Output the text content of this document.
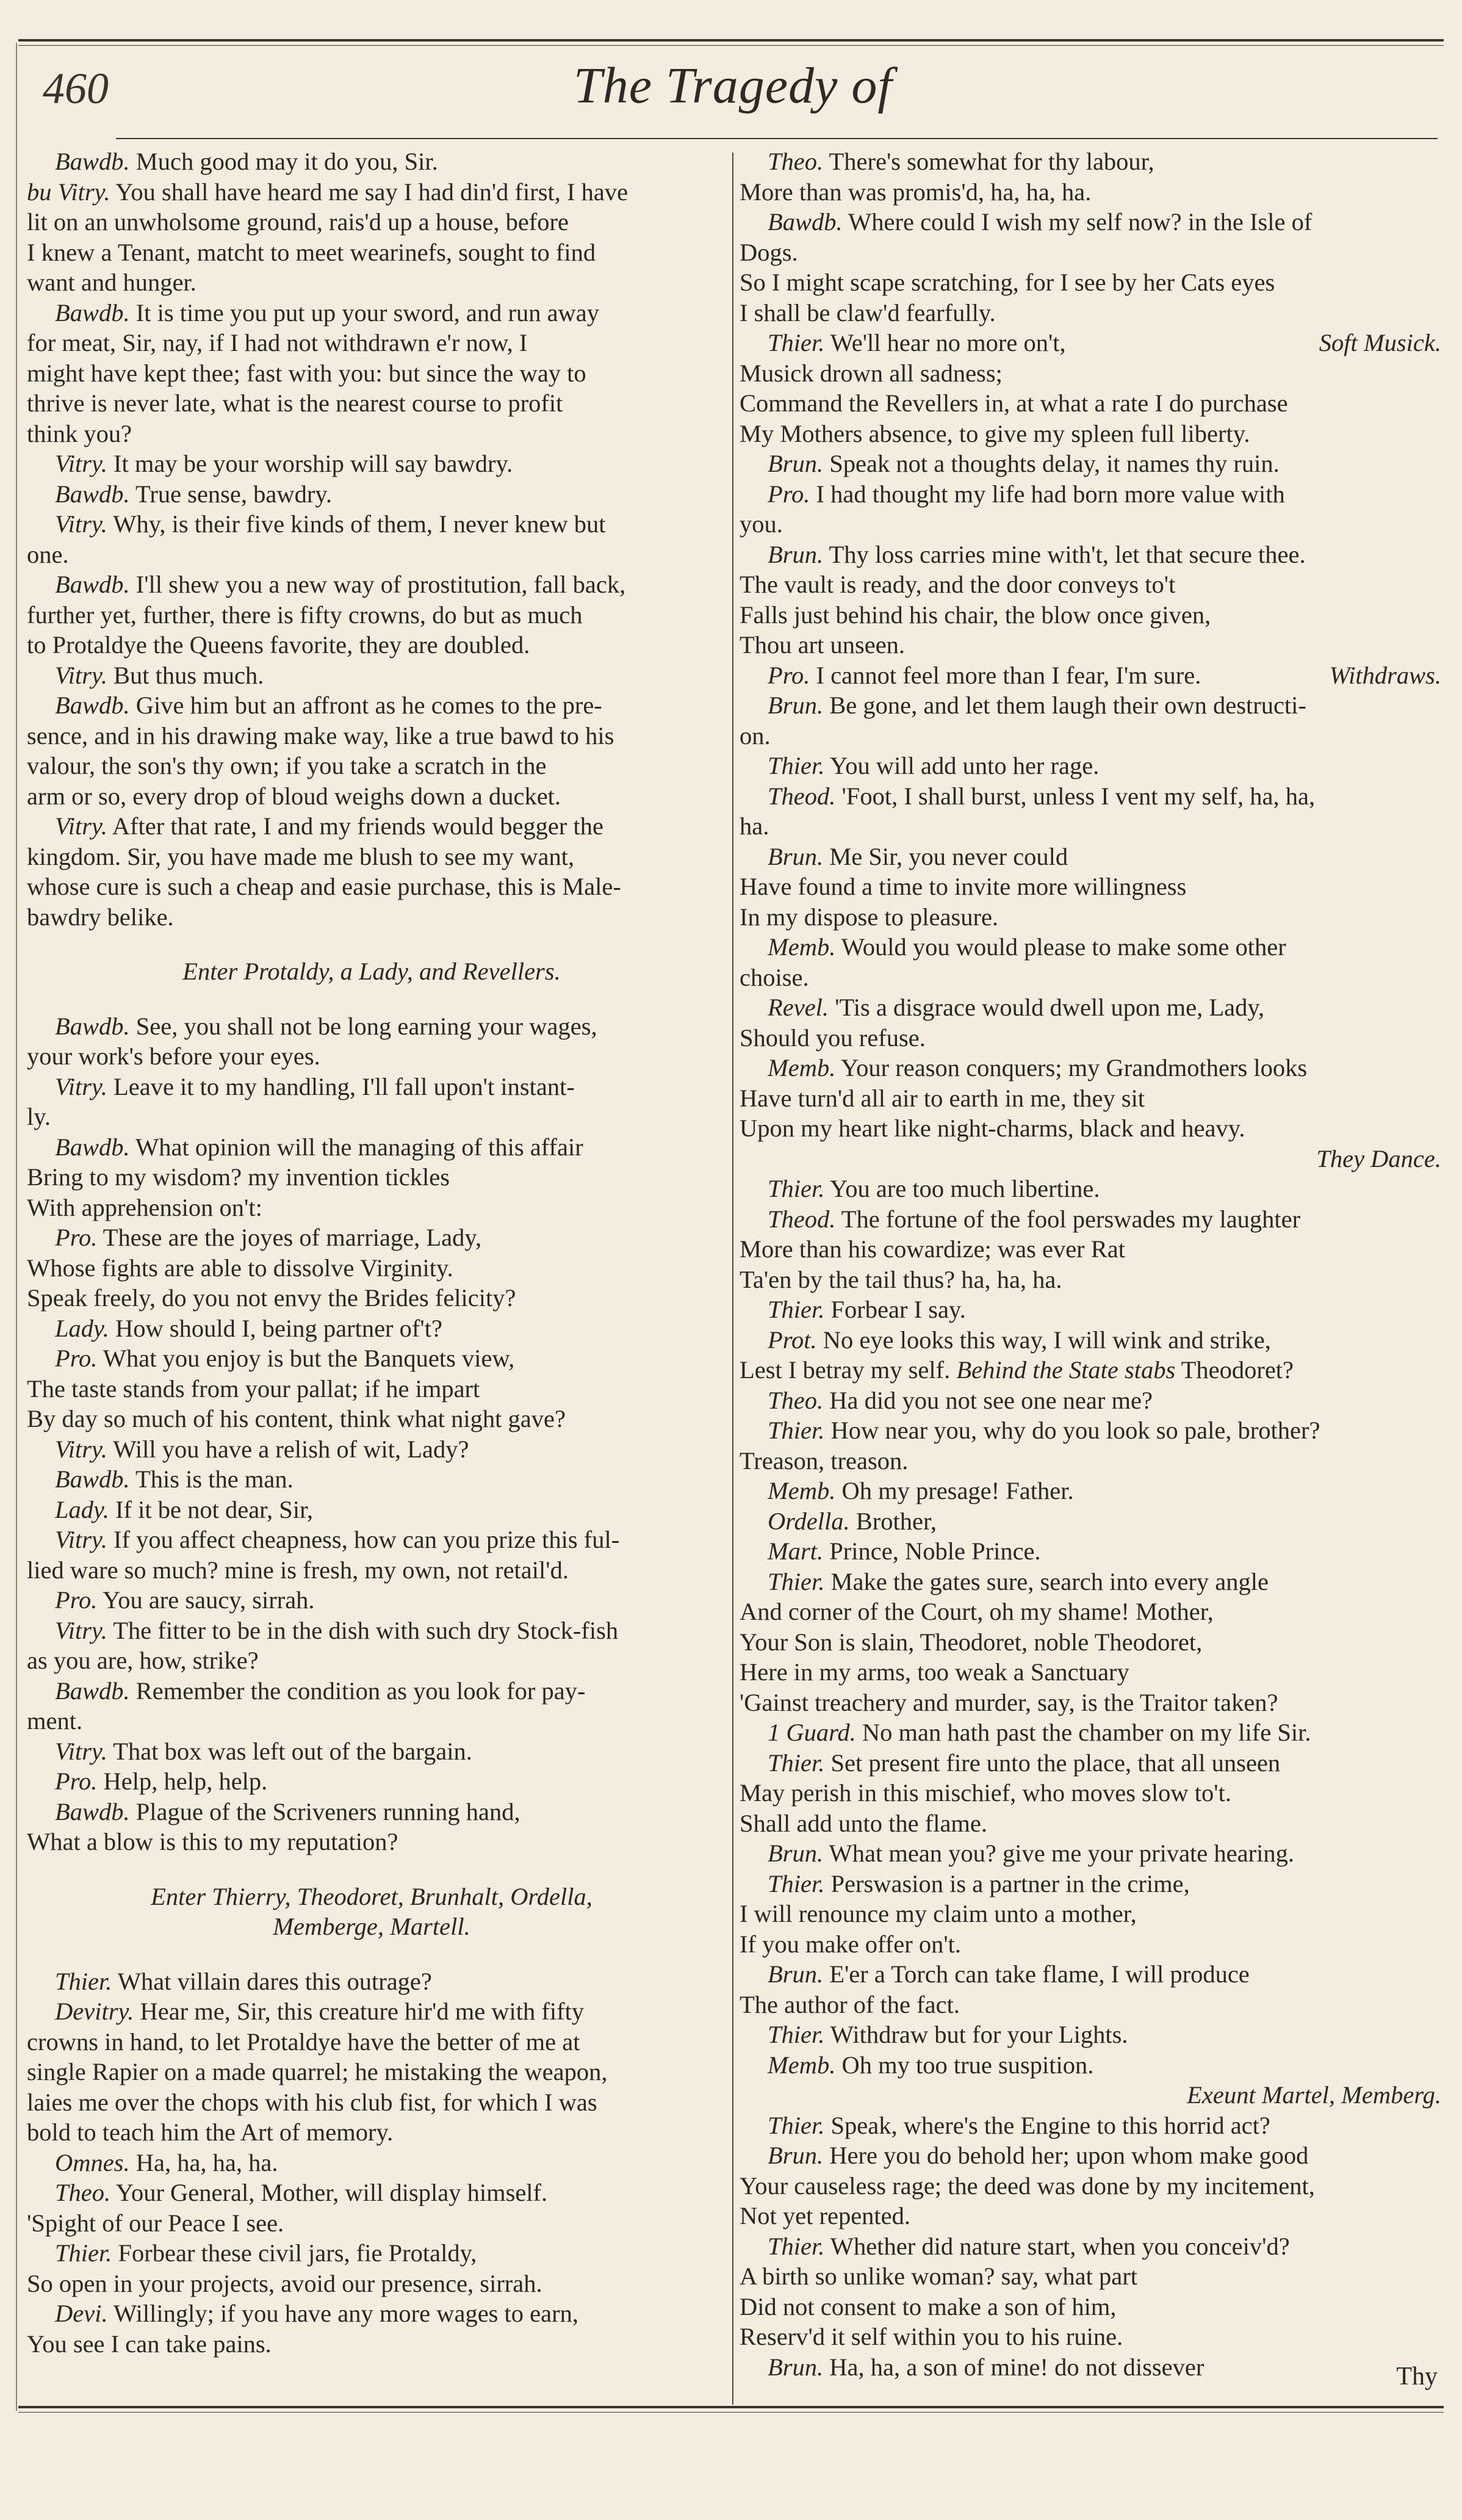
460	The Tragedy of
Bawdb. Much good may it do you, Sir.
bu Vitry. You shall have heard me say I had din'd first, I have
lit on an unwholsome ground, rais'd up a house, before
I knew a Tenant, matcht to meet wearinefs, sought to find
want and hunger.
Bawdb. It is time you put up your sword, and run away
for meat, Sir, nay, if I had not withdrawn e'r now, I
might have kept thee; fast with you: but since the way to
thrive is never late, what is the nearest course to profit
think you?
Vitry. It may be your worship will say bawdry.
Bawdb. True sense, bawdry.
Vitry. Why, is their five kinds of them, I never knew but
one.
Bawdb. I'll shew you a new way of prostitution, fall back,
further yet, further, there is fifty crowns, do but as much
to Protaldye the Queens favorite, they are doubled.
Vitry. But thus much.
Bawdb. Give him but an affront as he comes to the pre-
sence, and in his drawing make way, like a true bawd to his
valour, the son's thy own; if you take a scratch in the
arm or so, every drop of bloud weighs down a ducket.
Vitry. After that rate, I and my friends would begger the
kingdom. Sir, you have made me blush to see my want,
whose cure is such a cheap and easie purchase, this is Male-
bawdry belike.
Enter Protaldy, a Lady, and Revellers.
Bawdb. See, you shall not be long earning your wages,
your work's before your eyes.
Vitry. Leave it to my handling, I'll fall upon't instant-
ly.
Bawdb. What opinion will the managing of this affair
Bring to my wisdom? my invention tickles
With apprehension on't:
Pro. These are the joyes of marriage, Lady,
Whose fights are able to dissolve Virginity.
Speak freely, do you not envy the Brides felicity?
Lady. How should I, being partner of't?
Pro. What you enjoy is but the Banquets view,
The taste stands from your pallat; if he impart
By day so much of his content, think what night gave?
Vitry. Will you have a relish of wit, Lady?
Bawdb. This is the man.
Lady. If it be not dear, Sir,
Vitry. If you affect cheapness, how can you prize this ful-
lied ware so much? mine is fresh, my own, not retail'd.
Pro. You are saucy, sirrah.
Vitry. The fitter to be in the dish with such dry Stock-fish
as you are, how, strike?
Bawdb. Remember the condition as you look for pay-
ment.
Vitry. That box was left out of the bargain.
Pro. Help, help, help.
Bawdb. Plague of the Scriveners running hand,
What a blow is this to my reputation?
Enter Thierry, Theodoret, Brunhalt, Ordella,
Memberge, Martell.
Thier. What villain dares this outrage?
Devitry. Hear me, Sir, this creature hir'd me with fifty
crowns in hand, to let Protaldye have the better of me at
single Rapier on a made quarrel; he mistaking the weapon,
laies me over the chops with his club fist, for which I was
bold to teach him the Art of memory.
Omnes. Ha, ha, ha, ha.
Theo. Your General, Mother, will display himself.
'Spight of our Peace I see.
Thier. Forbear these civil jars, fie Protaldy,
So open in your projects, avoid our presence, sirrah.
Devi. Willingly; if you have any more wages to earn,
You see I can take pains.
Theo. There's somewhat for thy labour,
More than was promis'd, ha, ha, ha.
Bawdb. Where could I wish my self now? in the Isle of
Dogs.
So I might scape scratching, for I see by her Cats eyes
I shall be claw'd fearfully.
Soft Musick.
Thier. We'll hear no more on't,
Musick drown all sadness;
Command the Revellers in, at what a rate I do purchase
My Mothers absence, to give my spleen full liberty.
Brun. Speak not a thoughts delay, it names thy ruin.
Pro. I had thought my life had born more value with
you.
Brun. Thy loss carries mine with't, let that secure thee.
The vault is ready, and the door conveys to't
Falls just behind his chair, the blow once given,
Thou art unseen.
Withdraws.
Pro. I cannot feel more than I fear, I'm sure.
Brun. Be gone, and let them laugh their own destructi-
on.
Thier. You will add unto her rage.
Theod. 'Foot, I shall burst, unless I vent my self, ha, ha,
ha.
Brun. Me Sir, you never could
Have found a time to invite more willingness
In my dispose to pleasure.
Memb. Would you would please to make some other
choise.
Revel. 'Tis a disgrace would dwell upon me, Lady,
Should you refuse.
Memb. Your reason conquers; my Grandmothers looks
Have turn'd all air to earth in me, they sit
Upon my heart like night-charms, black and heavy.
They Dance.
Thier. You are too much libertine.
Theod. The fortune of the fool perswades my laughter
More than his cowardize; was ever Rat
Ta'en by the tail thus? ha, ha, ha.
Thier. Forbear I say.
Prot. No eye looks this way, I will wink and strike,
Lest I betray my self. Behind the State stabs Theodoret?
Theo. Ha did you not see one near me?
Thier. How near you, why do you look so pale, brother?
Treason, treason.
Memb. Oh my presage! Father.
Ordella. Brother,
Mart. Prince, Noble Prince.
Thier. Make the gates sure, search into every angle
And corner of the Court, oh my shame! Mother,
Your Son is slain, Theodoret, noble Theodoret,
Here in my arms, too weak a Sanctuary
'Gainst treachery and murder, say, is the Traitor taken?
1 Guard. No man hath past the chamber on my life Sir.
Thier. Set present fire unto the place, that all unseen
May perish in this mischief, who moves slow to't.
Shall add unto the flame.
Brun. What mean you? give me your private hearing.
Thier. Perswasion is a partner in the crime,
I will renounce my claim unto a mother,
If you make offer on't.
Brun. E'er a Torch can take flame, I will produce
The author of the fact.
Thier. Withdraw but for your Lights.
Memb. Oh my too true suspition.
Exeunt Martel, Memberg.
Thier. Speak, where's the Engine to this horrid act?
Brun. Here you do behold her; upon whom make good
Your causeless rage; the deed was done by my incitement,
Not yet repented.
Thier. Whether did nature start, when you conceiv'd?
A birth so unlike woman? say, what part
Did not consent to make a son of him,
Reserv'd it self within you to his ruine.
Brun. Ha, ha, a son of mine! do not dissever	Thy
